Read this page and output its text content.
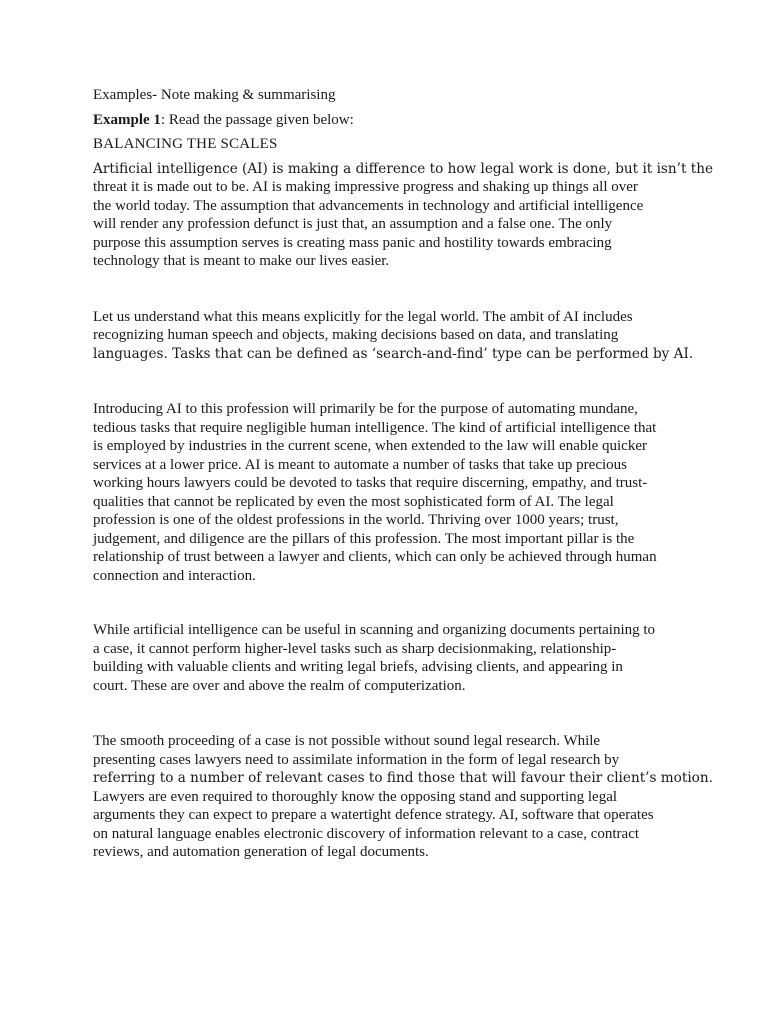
Examples- Note making & summarising
Example 1: Read the passage given below:
BALANCING THE SCALES
Artificial intelligence (AI) is making a difference to how legal work is done, but it isn’t the
threat it is made out to be. AI is making impressive progress and shaking up things all over
the world today. The assumption that advancements in technology and artificial intelligence
will render any profession defunct is just that, an assumption and a false one. The only
purpose this assumption serves is creating mass panic and hostility towards embracing
technology that is meant to make our lives easier.
Let us understand what this means explicitly for the legal world. The ambit of AI includes
recognizing human speech and objects, making decisions based on data, and translating
languages. Tasks that can be defined as ‘search-and-find’ type can be performed by AI.
Introducing AI to this profession will primarily be for the purpose of automating mundane,
tedious tasks that require negligible human intelligence. The kind of artificial intelligence that
is employed by industries in the current scene, when extended to the law will enable quicker
services at a lower price. AI is meant to automate a number of tasks that take up precious
working hours lawyers could be devoted to tasks that require discerning, empathy, and trust-
qualities that cannot be replicated by even the most sophisticated form of AI. The legal
profession is one of the oldest professions in the world. Thriving over 1000 years; trust,
judgement, and diligence are the pillars of this profession. The most important pillar is the
relationship of trust between a lawyer and clients, which can only be achieved through human
connection and interaction.
While artificial intelligence can be useful in scanning and organizing documents pertaining to
a case, it cannot perform higher-level tasks such as sharp decisionmaking, relationship-
building with valuable clients and writing legal briefs, advising clients, and appearing in
court. These are over and above the realm of computerization.
The smooth proceeding of a case is not possible without sound legal research. While
presenting cases lawyers need to assimilate information in the form of legal research by
referring to a number of relevant cases to find those that will favour their client’s motion.
Lawyers are even required to thoroughly know the opposing stand and supporting legal
arguments they can expect to prepare a watertight defence strategy. AI, software that operates
on natural language enables electronic discovery of information relevant to a case, contract
reviews, and automation generation of legal documents.
